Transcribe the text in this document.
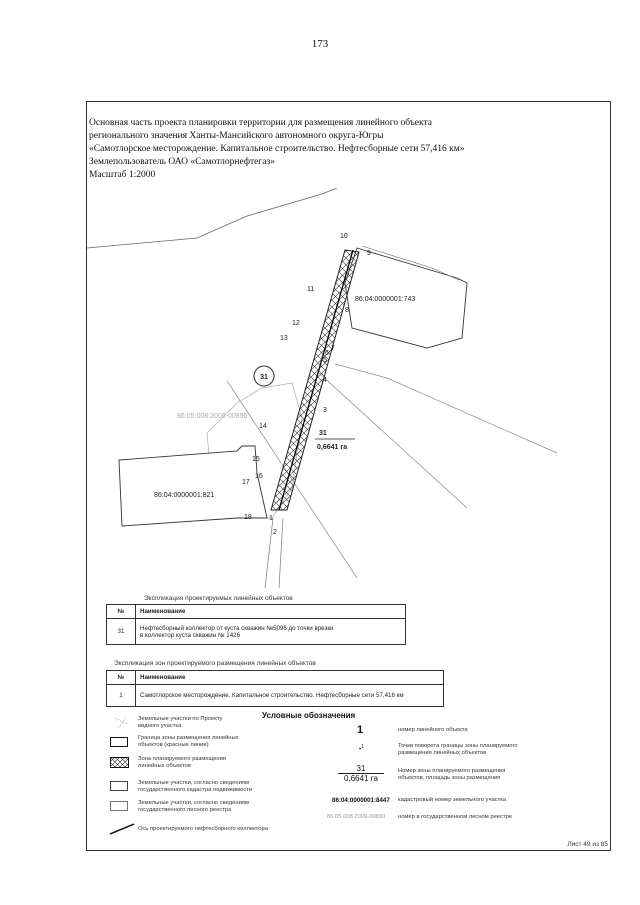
173
Основная часть проекта планировки территории для размещения линейного объекта
регионального значения Ханты-Мансийского автономного округа-Югры
«Самотлорское месторождение. Капитальное строительство. Нефтесборные сети 57,416 км»
Землепользователь ОАО «Самотлорнефтегаз»
Масштаб 1:2000
31
31
0,6641 га
86:04:0000001:743
86:04:0000001:821
86:05:008:2009-00890
1
2
3
4
5
6
7
8
9
10
11
12
13
14
15
16
17
18
Экспликация проектируемых линейных объектов
№	Наименование
31	Нефтесборный коллектор от куста скважин №5096 до точки врезки
в коллектор куста скважин № 1426
Экспликация зон проектируемого размещения линейных объектов
№	Наименование
1	Самотлорское месторождение. Капитальное строительство. Нефтесборные сети 57,416 км
Условные обозначения
Земельные участки по Проекту
ввдного участка
Граница зоны размещения линейных
объектов (красные линии)
Зона планируемого размещения
линейных объектов
Земельные участки, согласно сведениям
государственного кадастра недвижимости
Земельные участки, согласно сведениям
государственного лесного реестра
Ось проектируемого нефтесборного коллектора
1	номер линейного объекта
•$^1$	Точки поворота границы зоны планируемого
размещения линейных объектов
31
0,6641 га
Номер зоны планируемого размещения
объектов, площадь зоны размещения
86:04:0000001:8447 кадастровый номер земельного участка
86 05 008 2009-00890 номер в государственном лесном реестре
Лист 49 из 85
